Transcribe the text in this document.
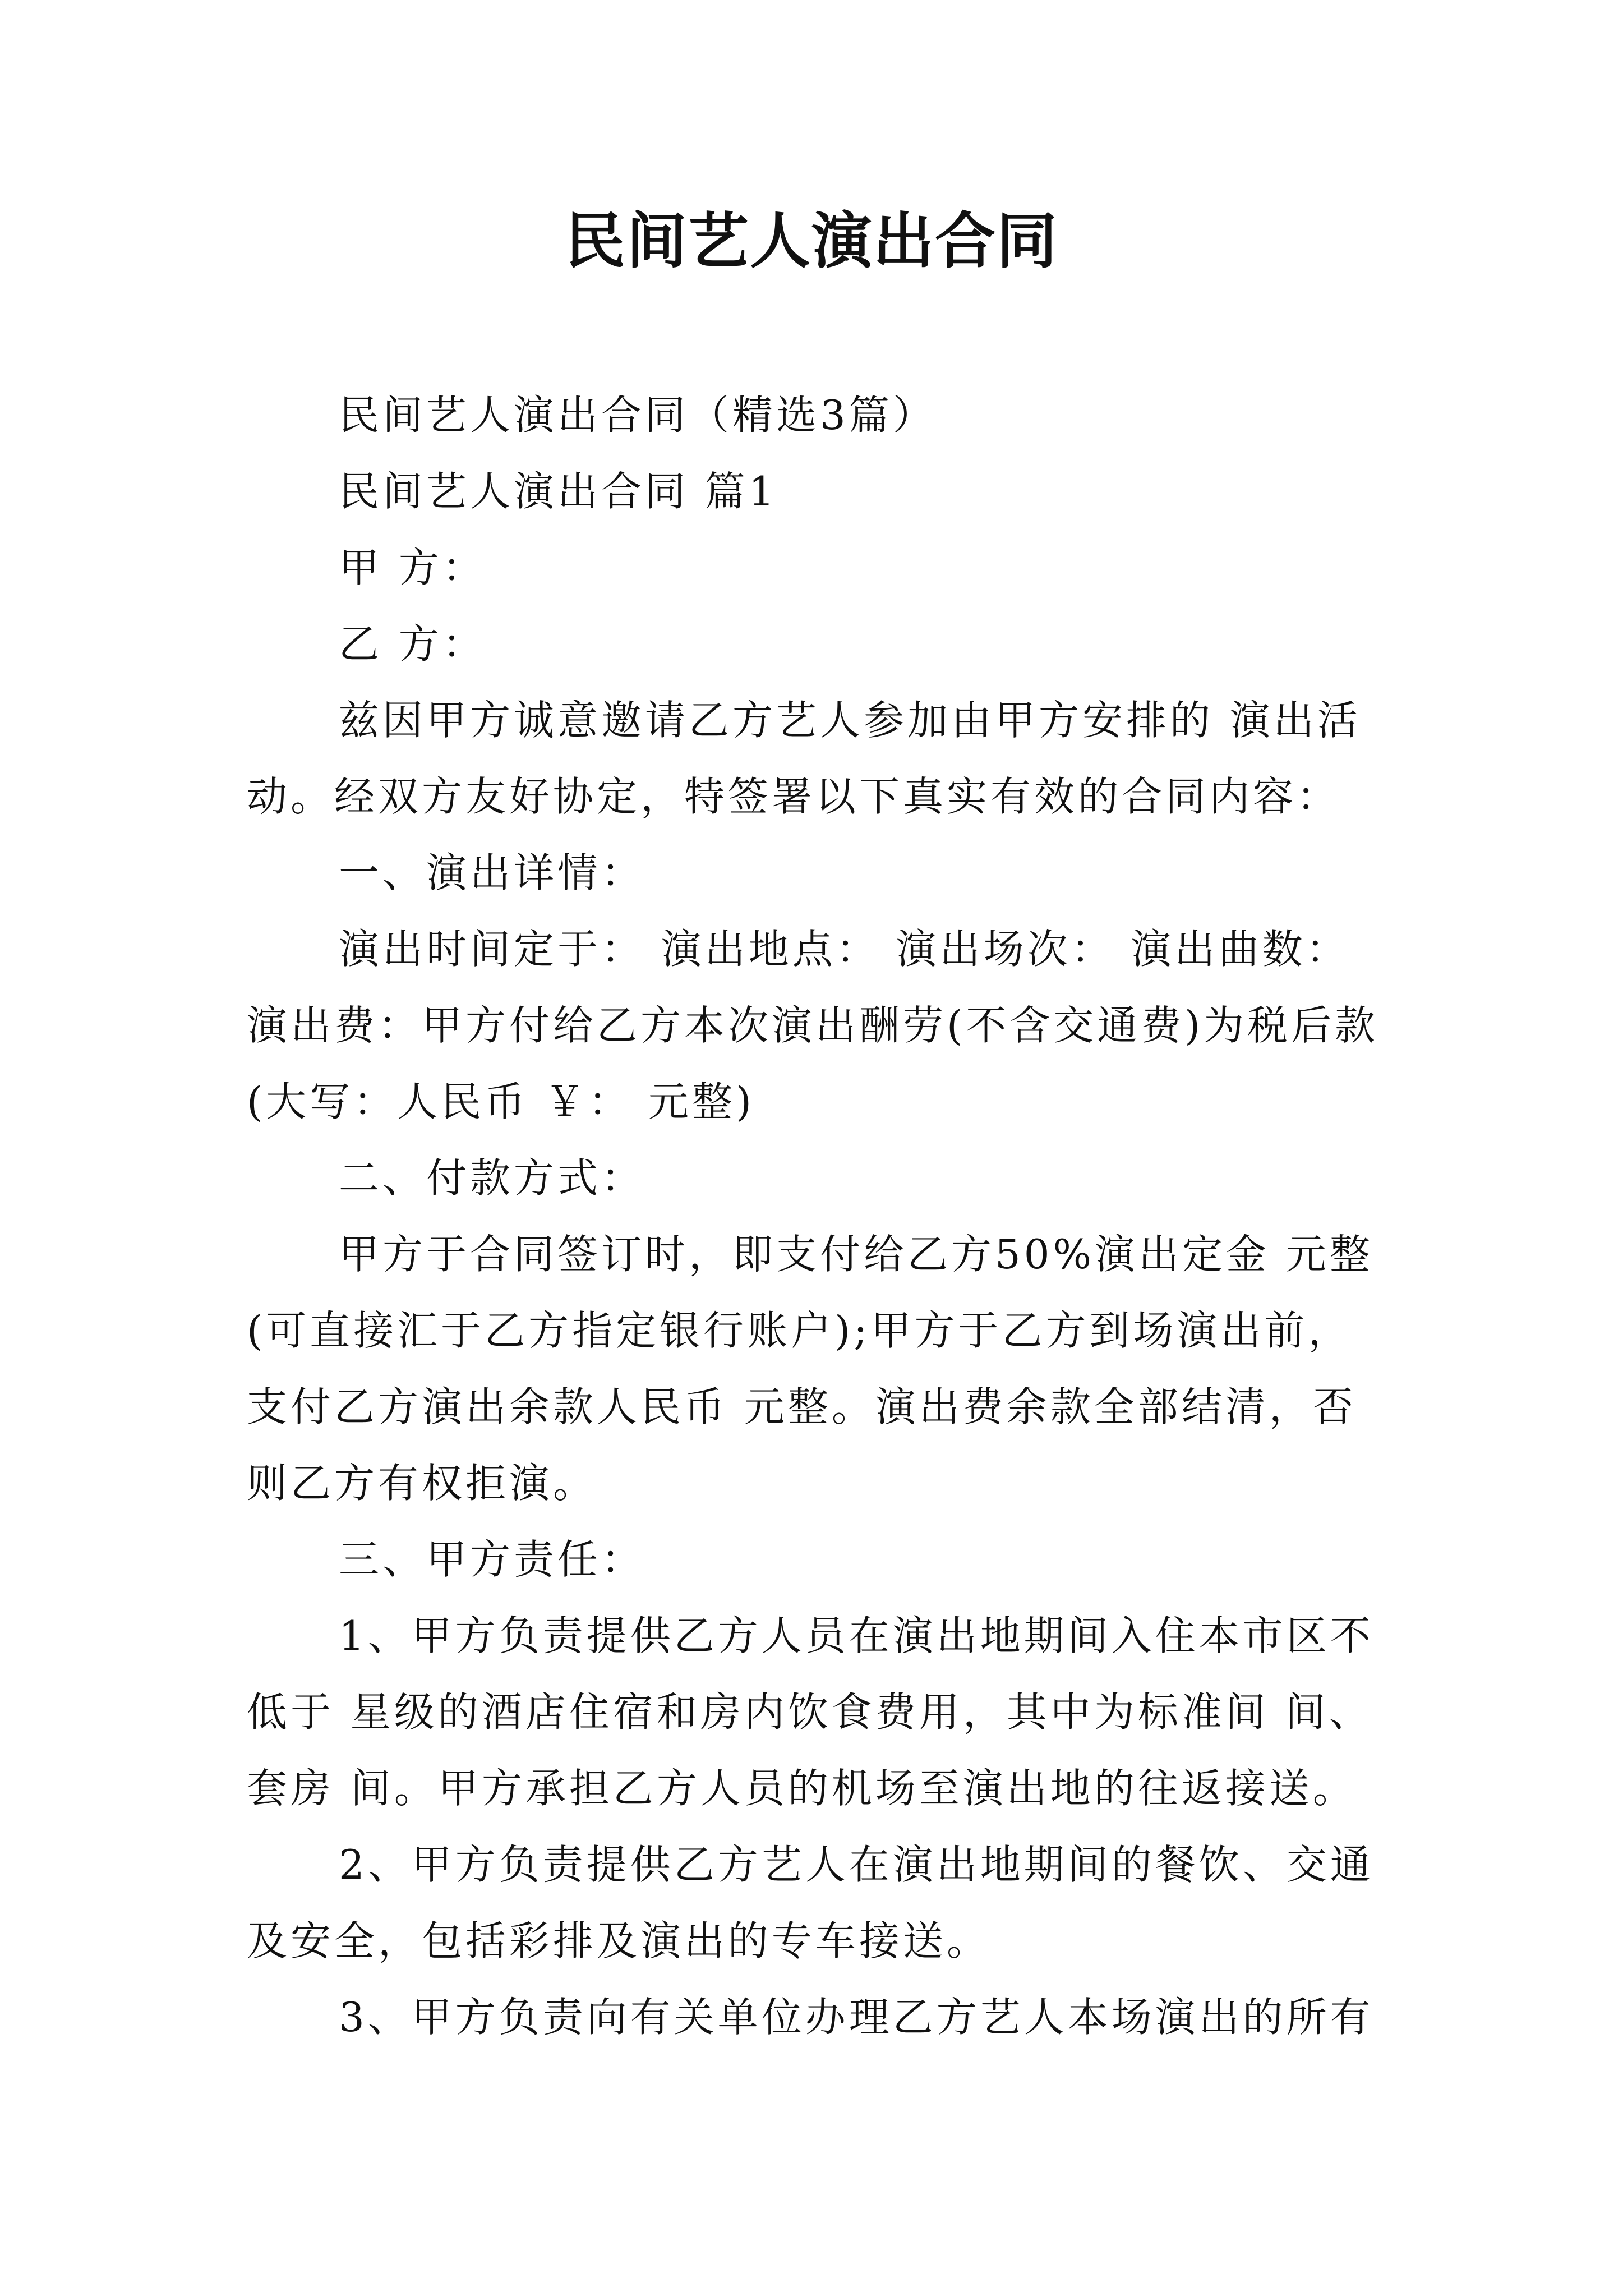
民间艺人演出合同
民间艺人演出合同（精选3篇）
民间艺人演出合同 篇1
甲 方：
乙 方：
兹因甲方诚意邀请乙方艺人参加由甲方安排的 演出活
动。经双方友好协定，特签署以下真实有效的合同内容：
一、演出详情：
演出时间定于： 演出地点： 演出场次： 演出曲数：
演出费：甲方付给乙方本次演出酬劳(不含交通费)为税后款
(大写：人民币 ￥： 元整)
二、付款方式：
甲方于合同签订时，即支付给乙方50%演出定金 元整
(可直接汇于乙方指定银行账户);甲方于乙方到场演出前，
支付乙方演出余款人民币 元整。演出费余款全部结清，否
则乙方有权拒演。
三、甲方责任：
1、甲方负责提供乙方人员在演出地期间入住本市区不
低于 星级的酒店住宿和房内饮食费用，其中为标准间 间、
套房 间。甲方承担乙方人员的机场至演出地的往返接送。
2、甲方负责提供乙方艺人在演出地期间的餐饮、交通
及安全，包括彩排及演出的专车接送。
3、甲方负责向有关单位办理乙方艺人本场演出的所有
